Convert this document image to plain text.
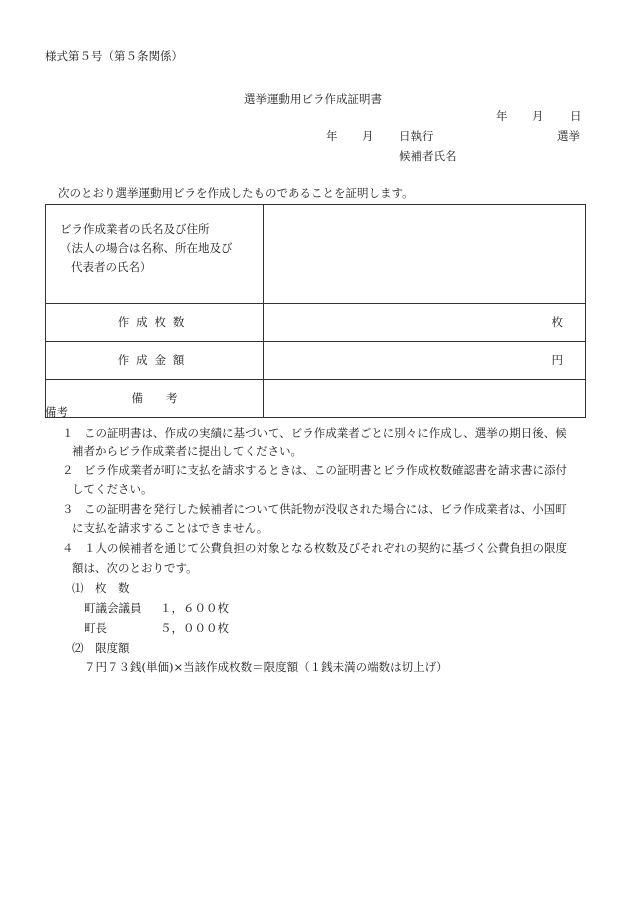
様式第５号（第５条関係）
選挙運動用ビラ作成証明書
年 月 日
年 月 日執行	選挙
候補者氏名
次のとおり選挙運動用ビラを作成したものであることを証明します。
ビラ作成業者の氏名及び住所
（法人の場合は名称、所在地及び
代表者の氏名）	

作成枚数	枚
作成金額	円
備　　考	
備考
１ この証明書は、作成の実績に基づいて、ビラ作成業者ごとに別々に作成し、選挙の期日後、候
補者からビラ作成業者に提出してください。
２ ビラ作成業者が町に支払を請求するときは、この証明書とビラ作成枚数確認書を請求書に添付
してください。
３ この証明書を発行した候補者について供託物が没収された場合には、ビラ作成業者は、小国町
に支払を請求することはできません。
４ １人の候補者を通じて公費負担の対象となる枚数及びそれぞれの契約に基づく公費負担の限度
額は、次のとおりです。
⑴　枚　数
町議会議員 １，６００枚
町長	５，０００枚
⑵　限度額
７円７３銭(単価)×当該作成枚数＝限度額（１銭未満の端数は切上げ）
